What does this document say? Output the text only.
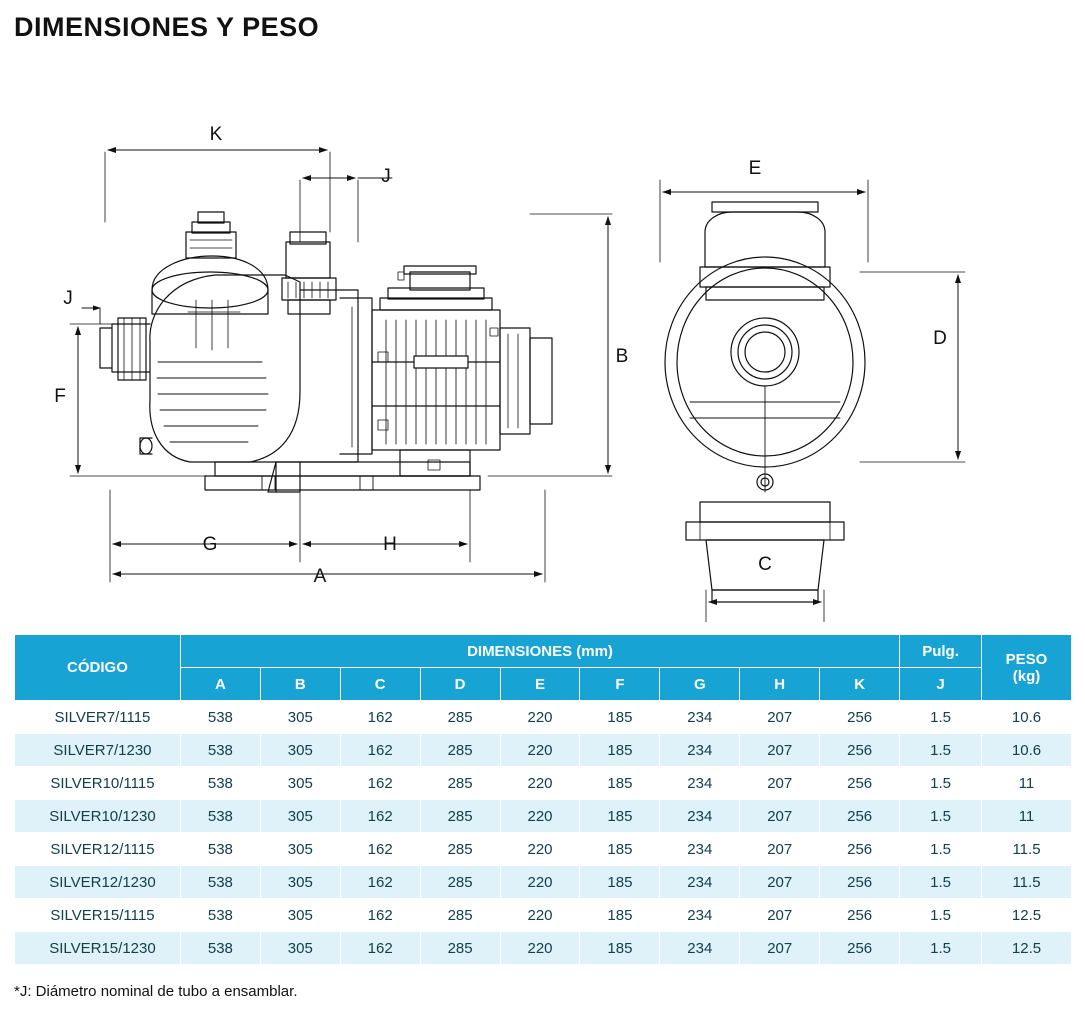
DIMENSIONES Y PESO
K
J
J
B
F
G	H
A
E
D
C
CÓDIGO	DIMENSIONES (mm)									Pulg.	PESO
(kg)

	A	B	C	D	E	F	G	H	K	J	
SILVER7/1115	538	305	162	285	220	185	234	207	256	1.5	10.6
SILVER7/1230	538	305	162	285	220	185	234	207	256	1.5	10.6
SILVER10/1115	538	305	162	285	220	185	234	207	256	1.5	11
SILVER10/1230	538	305	162	285	220	185	234	207	256	1.5	11
SILVER12/1115	538	305	162	285	220	185	234	207	256	1.5	11.5
SILVER12/1230	538	305	162	285	220	185	234	207	256	1.5	11.5
SILVER15/1115	538	305	162	285	220	185	234	207	256	1.5	12.5
SILVER15/1230	538	305	162	285	220	185	234	207	256	1.5	12.5
*J: Diámetro nominal de tubo a ensamblar.
